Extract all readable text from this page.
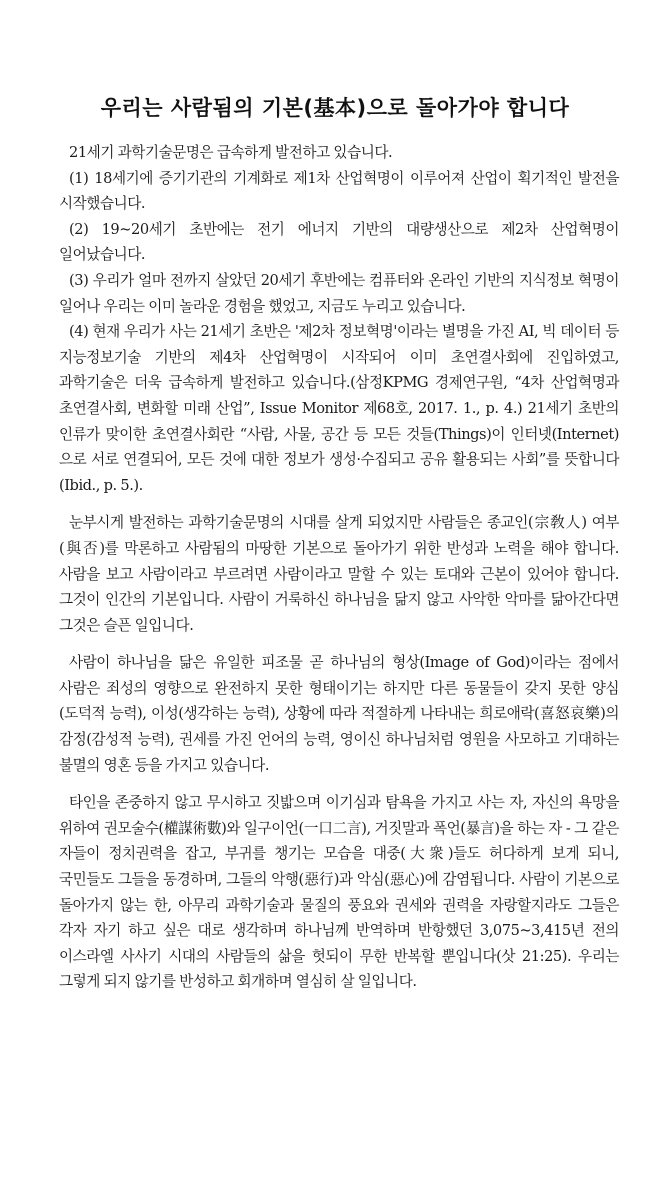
우리는 사람됨의 기본(基本)으로 돌아가야 합니다

21세기 과학기술문명은 급속하게 발전하고 있습니다.

(1) 18세기에 증기기관의 기계화로 제1차 산업혁명이 이루어져 산업이 획기적인 발전을 시작했습니다.

(2) 19~20세기 초반에는 전기 에너지 기반의 대량생산으로 제2차 산업혁명이 일어났습니다.

(3) 우리가 얼마 전까지 살았던 20세기 후반에는 컴퓨터와 온라인 기반의 지식정보 혁명이 일어나 우리는 이미 놀라운 경험을 했었고, 지금도 누리고 있습니다.

(4) 현재 우리가 사는 21세기 초반은 '제2차 정보혁명'이라는 별명을 가진 AI, 빅 데이터 등 지능정보기술 기반의 제4차 산업혁명이 시작되어 이미 초연결사회에 진입하였고, 과학기술은 더욱 급속하게 발전하고 있습니다.(삼정KPMG 경제연구원, “4차 산업혁명과 초연결사회, 변화할 미래 산업”, Issue Monitor 제68호, 2017. 1., p. 4.) 21세기 초반의 인류가 맞이한 초연결사회란 “사람, 사물, 공간 등 모든 것들(Things)이 인터넷(Internet)으로 서로 연결되어, 모든 것에 대한 정보가 생성·수집되고 공유 활용되는 사회”를 뜻합니다 (Ibid., p. 5.).

눈부시게 발전하는 과학기술문명의 시대를 살게 되었지만 사람들은 종교인(宗敎人) 여부(與否)를 막론하고 사람됨의 마땅한 기본으로 돌아가기 위한 반성과 노력을 해야 합니다. 사람을 보고 사람이라고 부르려면 사람이라고 말할 수 있는 토대와 근본이 있어야 합니다. 그것이 인간의 기본입니다. 사람이 거룩하신 하나님을 닮지 않고 사악한 악마를 닮아간다면 그것은 슬픈 일입니다.

사람이 하나님을 닮은 유일한 피조물 곧 하나님의 형상(Image of God)이라는 점에서 사람은 죄성의 영향으로 완전하지 못한 형태이기는 하지만 다른 동물들이 갖지 못한 양심(도덕적 능력), 이성(생각하는 능력), 상황에 따라 적절하게 나타내는 희로애락(喜怒哀樂)의 감정(감성적 능력), 권세를 가진 언어의 능력, 영이신 하나님처럼 영원을 사모하고 기대하는 불멸의 영혼 등을 가지고 있습니다.

타인을 존중하지 않고 무시하고 짓밟으며 이기심과 탐욕을 가지고 사는 자, 자신의 욕망을 위하여 권모술수(權謀術數)와 일구이언(一口二言), 거짓말과 폭언(暴言)을 하는 자 - 그 같은 자들이 정치권력을 잡고, 부귀를 챙기는 모습을 대중(大衆)들도 허다하게 보게 되니, 국민들도 그들을 동경하며, 그들의 악행(惡行)과 악심(惡心)에 감염됩니다. 사람이 기본으로 돌아가지 않는 한, 아무리 과학기술과 물질의 풍요와 권세와 권력을 자랑할지라도 그들은 각자 자기 하고 싶은 대로 생각하며 하나님께 반역하며 반항했던 3,075~3,415년 전의 이스라엘 사사기 시대의 사람들의 삶을 헛되이 무한 반복할 뿐입니다(삿 21:25). 우리는 그렇게 되지 않기를 반성하고 회개하며 열심히 살 일입니다.
